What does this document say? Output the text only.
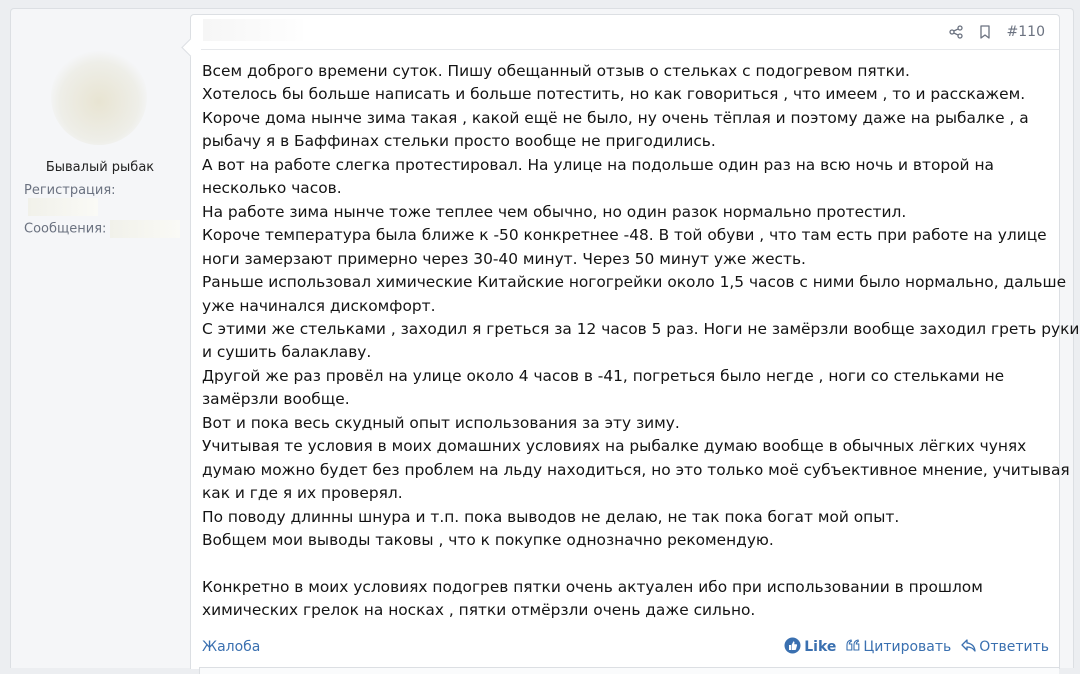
Бывалый рыбак
Регистрация:
Сообщения:
#110
Всем доброго времени суток. Пишу обещанный отзыв о стельках с подогревом пятки.
Хотелось бы больше написать и больше потестить, но как говориться , что имеем , то и расскажем.
Короче дома нынче зима такая , какой ещё не было, ну очень тёплая и поэтому даже на рыбалке , а
рыбачу я в Баффинах стельки просто вообще не пригодились.
А вот на работе слегка протестировал. На улице на подольше один раз на всю ночь и второй на
несколько часов.
На работе зима нынче тоже теплее чем обычно, но один разок нормально протестил.
Короче температура была ближе к -50 конкретнее -48. В той обуви , что там есть при работе на улице
ноги замерзают примерно через 30-40 минут. Через 50 минут уже жесть.
Раньше использовал химические Китайские ногогрейки около 1,5 часов с ними было нормально, дальше
уже начинался дискомфорт.
С этими же стельками , заходил я греться за 12 часов 5 раз. Ноги не замёрзли вообще заходил греть руки
и сушить балаклаву.
Другой же раз провёл на улице около 4 часов в -41, погреться было негде , ноги со стельками не
замёрзли вообще.
Вот и пока весь скудный опыт использования за эту зиму.
Учитывая те условия в моих домашних условиях на рыбалке думаю вообще в обычных лёгких чунях
думаю можно будет без проблем на льду находиться, но это только моё субъективное мнение, учитывая
как и где я их проверял.
По поводу длинны шнура и т.п. пока выводов не делаю, не так пока богат мой опыт.
Вобщем мои выводы таковы , что к покупке однозначно рекомендую.
Конкретно в моих условиях подогрев пятки очень актуален ибо при использовании в прошлом
химических грелок на носках , пятки отмёрзли очень даже сильно.
Жалоба	Like Цитировать Ответить
